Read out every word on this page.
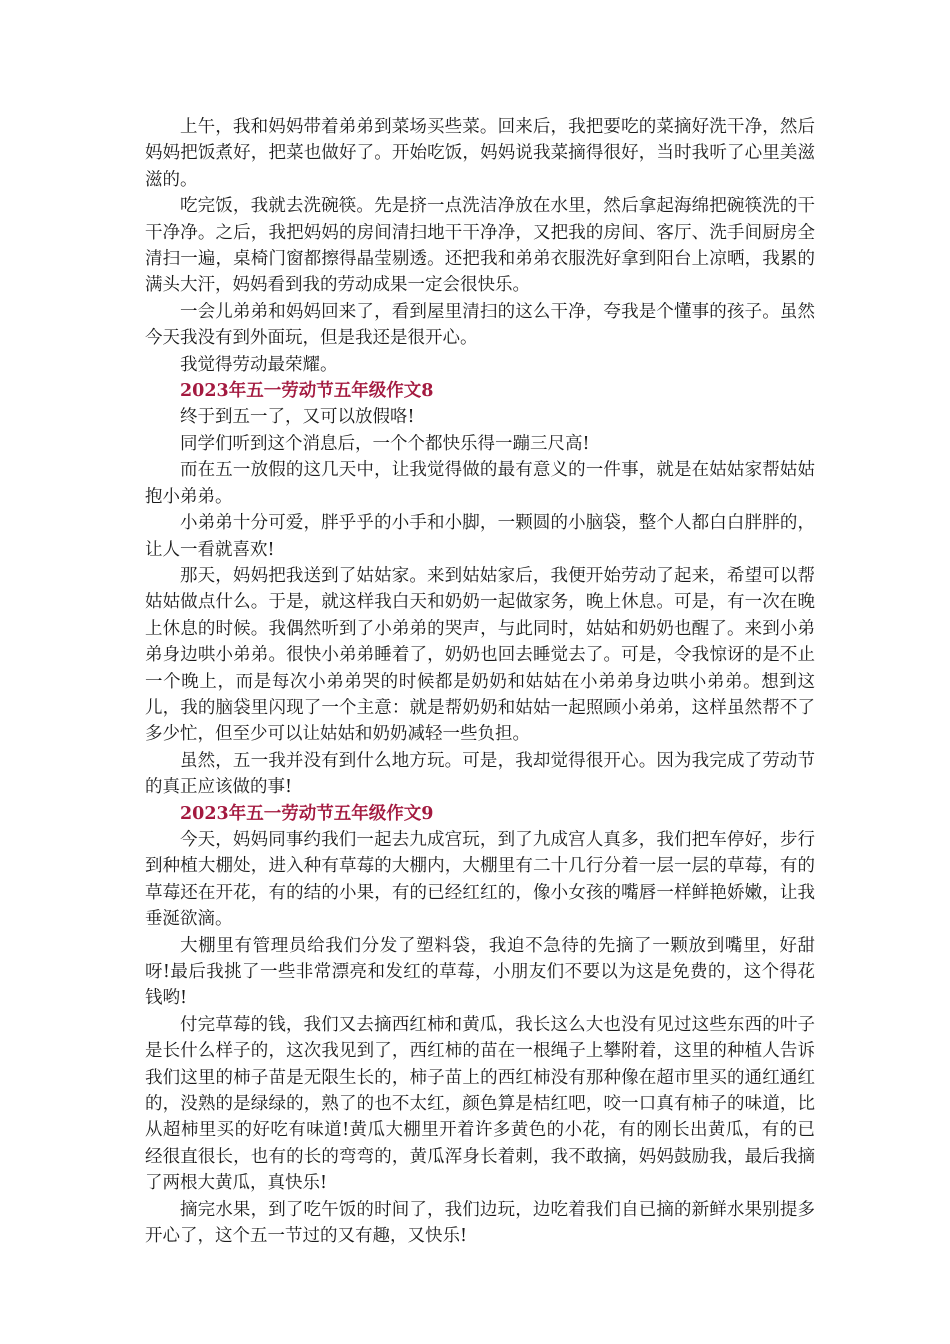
上午，我和妈妈带着弟弟到菜场买些菜。回来后，我把要吃的菜摘好洗干净，然后妈妈把饭煮好，把菜也做好了。开始吃饭，妈妈说我菜摘得很好，当时我听了心里美滋滋的。

吃完饭，我就去洗碗筷。先是挤一点洗洁净放在水里，然后拿起海绵把碗筷洗的干干净净。之后，我把妈妈的房间清扫地干干净净，又把我的房间、客厅、洗手间厨房全清扫一遍，桌椅门窗都擦得晶莹剔透。还把我和弟弟衣服洗好拿到阳台上凉晒，我累的满头大汗，妈妈看到我的劳动成果一定会很快乐。

一会儿弟弟和妈妈回来了，看到屋里清扫的这么干净，夸我是个懂事的孩子。虽然今天我没有到外面玩，但是我还是很开心。

我觉得劳动最荣耀。

2023年五一劳动节五年级作文8

终于到五一了，又可以放假咯!

同学们听到这个消息后，一个个都快乐得一蹦三尺高!

而在五一放假的这几天中，让我觉得做的最有意义的一件事，就是在姑姑家帮姑姑抱小弟弟。

小弟弟十分可爱，胖乎乎的小手和小脚，一颗圆的小脑袋，整个人都白白胖胖的，让人一看就喜欢!

那天，妈妈把我送到了姑姑家。来到姑姑家后，我便开始劳动了起来，希望可以帮姑姑做点什么。于是，就这样我白天和奶奶一起做家务，晚上休息。可是，有一次在晚上休息的时候。我偶然听到了小弟弟的哭声，与此同时，姑姑和奶奶也醒了。来到小弟弟身边哄小弟弟。很快小弟弟睡着了，奶奶也回去睡觉去了。可是，令我惊讶的是不止一个晚上，而是每次小弟弟哭的时候都是奶奶和姑姑在小弟弟身边哄小弟弟。想到这儿，我的脑袋里闪现了一个主意：就是帮奶奶和姑姑一起照顾小弟弟，这样虽然帮不了多少忙，但至少可以让姑姑和奶奶减轻一些负担。

虽然，五一我并没有到什么地方玩。可是，我却觉得很开心。因为我完成了劳动节的真正应该做的事!

2023年五一劳动节五年级作文9

今天，妈妈同事约我们一起去九成宫玩，到了九成宫人真多，我们把车停好，步行到种植大棚处，进入种有草莓的大棚内，大棚里有二十几行分着一层一层的草莓，有的草莓还在开花，有的结的小果，有的已经红红的，像小女孩的嘴唇一样鲜艳娇嫩，让我垂涎欲滴。

大棚里有管理员给我们分发了塑料袋，我迫不急待的先摘了一颗放到嘴里，好甜呀!最后我挑了一些非常漂亮和发红的草莓，小朋友们不要以为这是免费的，这个得花钱哟!

付完草莓的钱，我们又去摘西红柿和黄瓜，我长这么大也没有见过这些东西的叶子是长什么样子的，这次我见到了，西红柿的苗在一根绳子上攀附着，这里的种植人告诉我们这里的柿子苗是无限生长的，柿子苗上的西红柿没有那种像在超市里买的通红通红的，没熟的是绿绿的，熟了的也不太红，颜色算是桔红吧，咬一口真有柿子的味道，比从超柿里买的好吃有味道!黄瓜大棚里开着许多黄色的小花，有的刚长出黄瓜，有的已经很直很长，也有的长的弯弯的，黄瓜浑身长着刺，我不敢摘，妈妈鼓励我，最后我摘了两根大黄瓜，真快乐!

摘完水果，到了吃午饭的时间了，我们边玩，边吃着我们自已摘的新鲜水果别提多开心了，这个五一节过的又有趣，又快乐!
